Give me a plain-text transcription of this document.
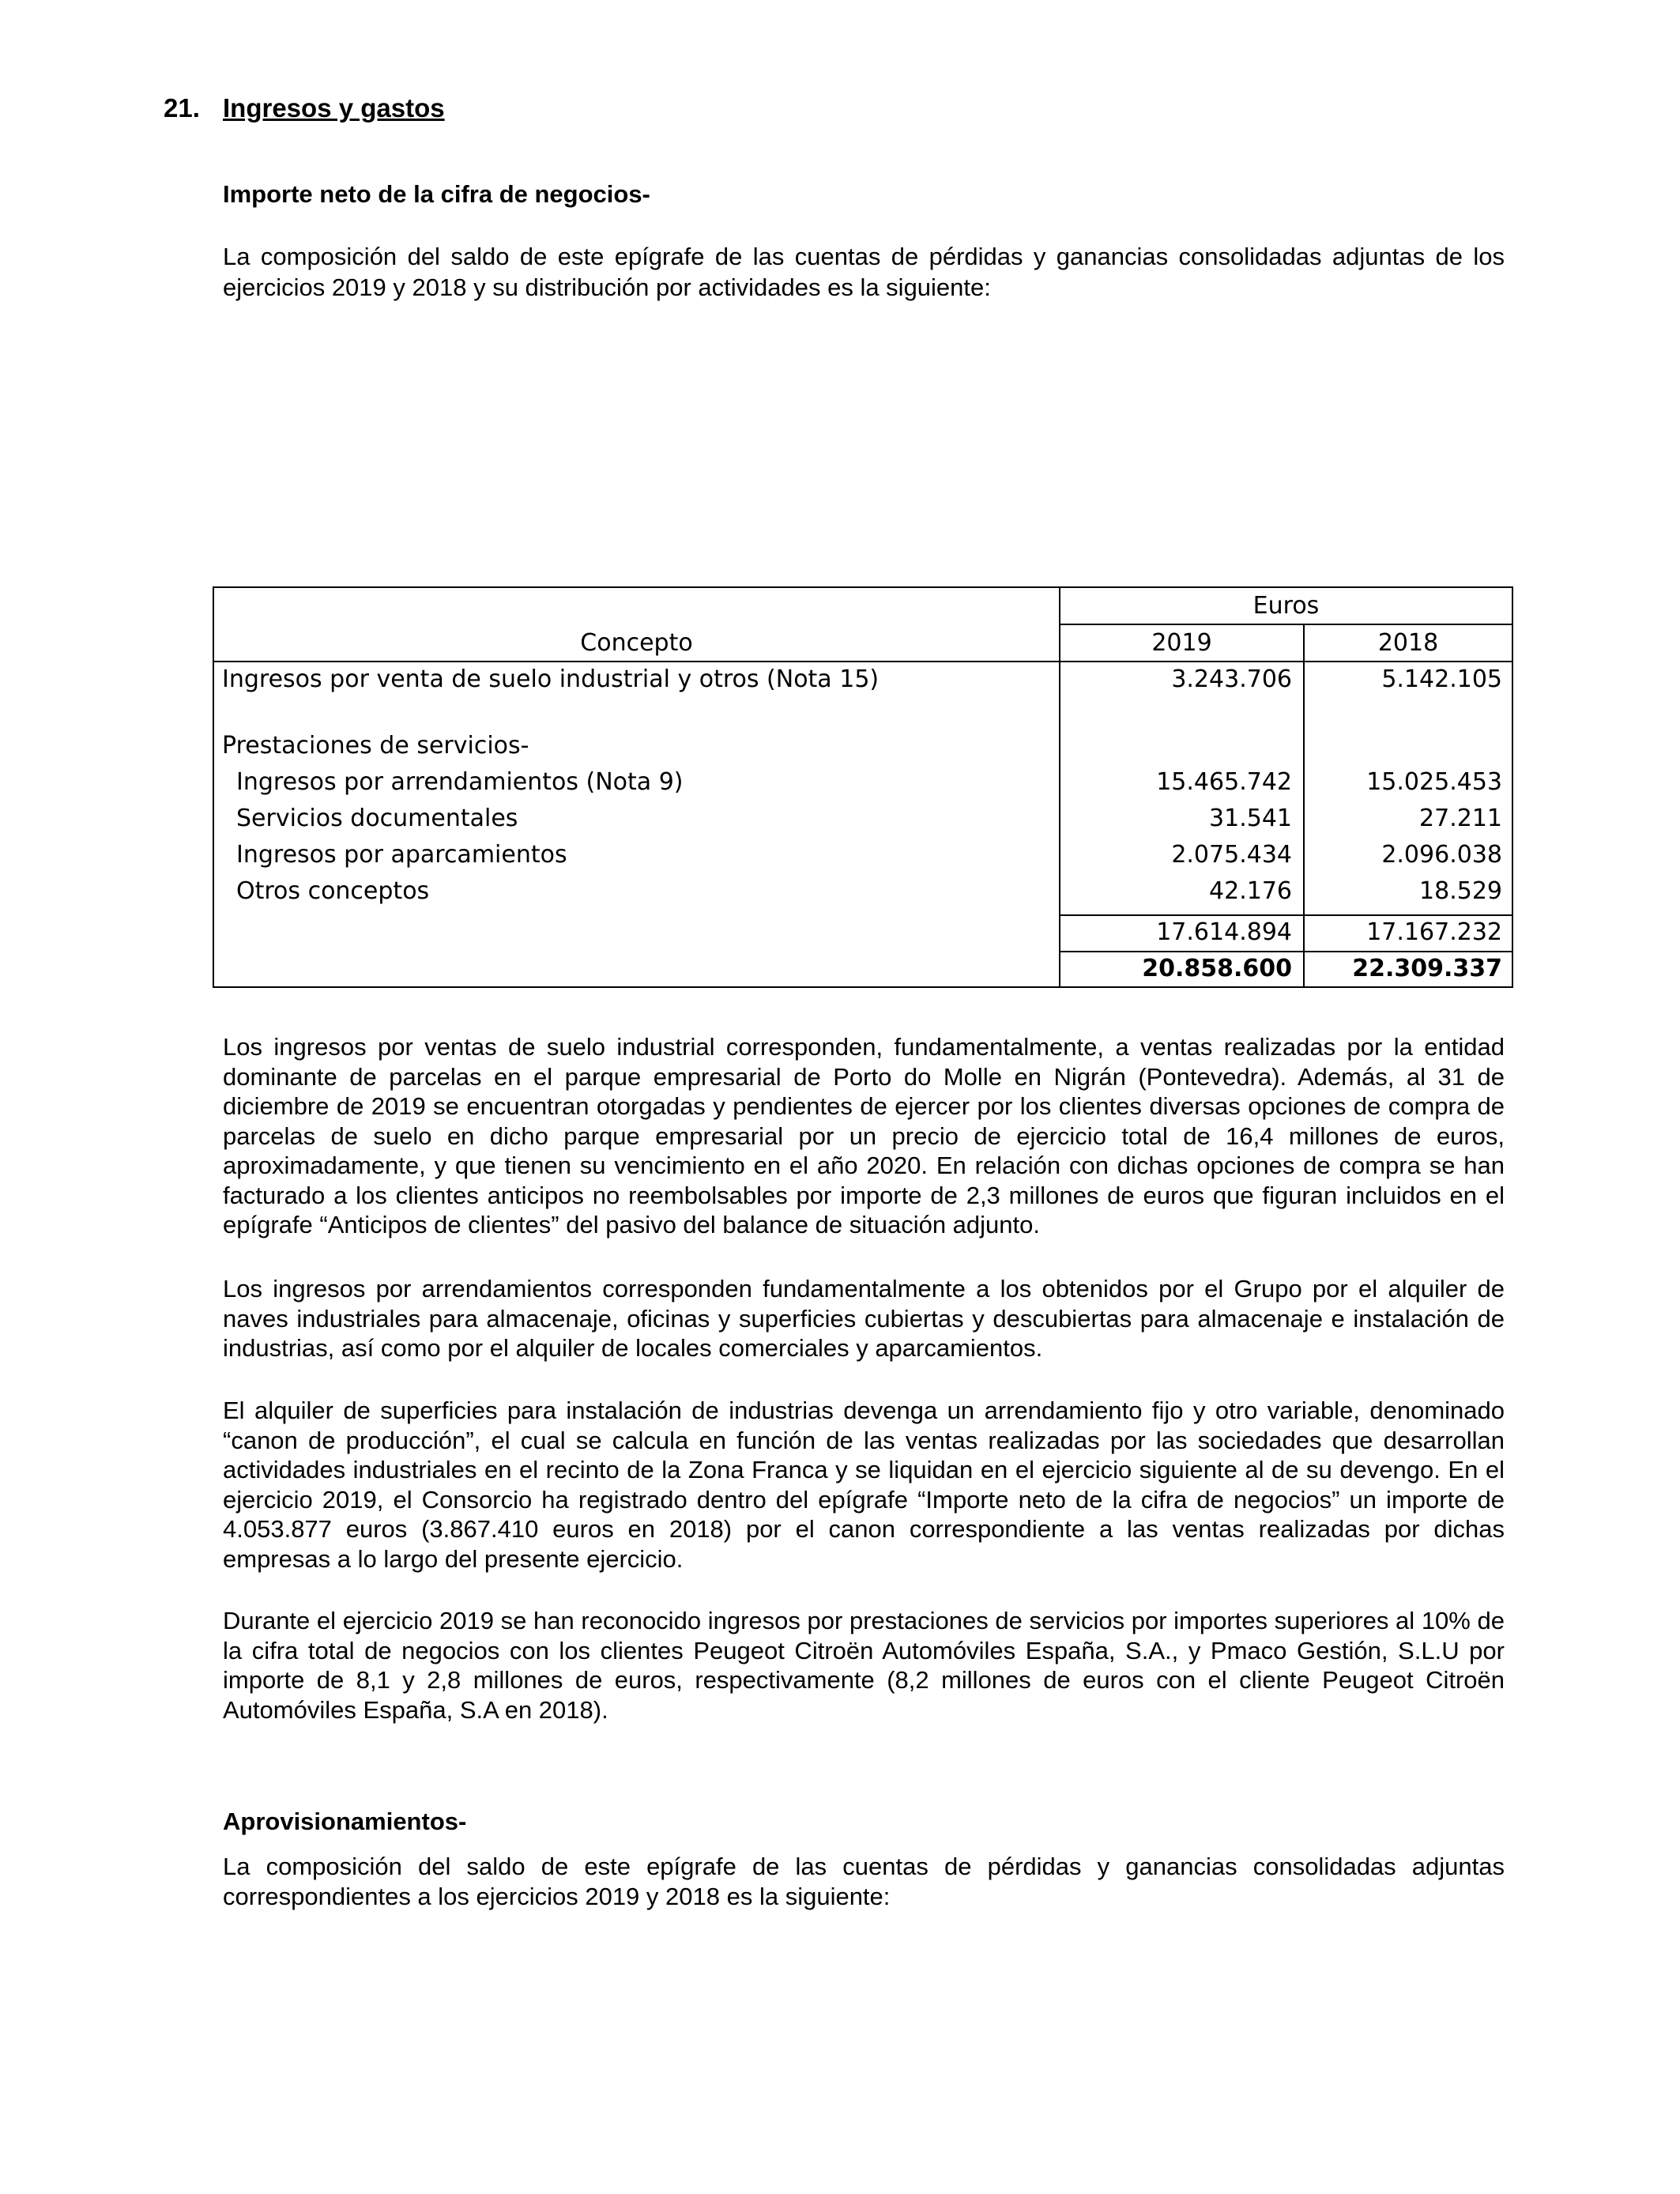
21. Ingresos y gastos
Importe neto de la cifra de negocios-
La composición del saldo de este epígrafe de las cuentas de pérdidas y ganancias consolidadas adjuntas de los ejercicios 2019 y 2018 y su distribución por actividades es la siguiente:
Euros
Concepto	2019	2018
Ingresos por venta de suelo industrial y otros (Nota 15)	3.243.706	5.142.105
Prestaciones de servicios-
Ingresos por arrendamientos (Nota 9)	15.465.742	15.025.453
Servicios documentales	31.541	27.211
Ingresos por aparcamientos	2.075.434	2.096.038
Otros conceptos	42.176	18.529
17.614.894	17.167.232
20.858.600	22.309.337
Los ingresos por ventas de suelo industrial corresponden, fundamentalmente, a ventas realizadas por la entidad dominante de parcelas en el parque empresarial de Porto do Molle en Nigrán (Pontevedra). Además, al 31 de diciembre de 2019 se encuentran otorgadas y pendientes de ejercer por los clientes diversas opciones de compra de parcelas de suelo en dicho parque empresarial por un precio de ejercicio total de 16,4 millones de euros, aproximadamente, y que tienen su vencimiento en el año 2020. En relación con dichas opciones de compra se han facturado a los clientes anticipos no reembolsables por importe de 2,3 millones de euros que figuran incluidos en el epígrafe “Anticipos de clientes” del pasivo del balance de situación adjunto.
Los ingresos por arrendamientos corresponden fundamentalmente a los obtenidos por el Grupo por el alquiler de naves industriales para almacenaje, oficinas y superficies cubiertas y descubiertas para almacenaje e instalación de industrias, así como por el alquiler de locales comerciales y aparcamientos.
El alquiler de superficies para instalación de industrias devenga un arrendamiento fijo y otro variable, denominado “canon de producción”, el cual se calcula en función de las ventas realizadas por las sociedades que desarrollan actividades industriales en el recinto de la Zona Franca y se liquidan en el ejercicio siguiente al de su devengo. En el ejercicio 2019, el Consorcio ha registrado dentro del epígrafe “Importe neto de la cifra de negocios” un importe de 4.053.877 euros (3.867.410 euros en 2018) por el canon correspondiente a las ventas realizadas por dichas empresas a lo largo del presente ejercicio.
Durante el ejercicio 2019 se han reconocido ingresos por prestaciones de servicios por importes superiores al 10% de la cifra total de negocios con los clientes Peugeot Citroën Automóviles España, S.A., y Pmaco Gestión, S.L.U por importe de 8,1 y 2,8 millones de euros, respectivamente (8,2 millones de euros con el cliente Peugeot Citroën Automóviles España, S.A en 2018).
Aprovisionamientos-
La composición del saldo de este epígrafe de las cuentas de pérdidas y ganancias consolidadas adjuntas correspondientes a los ejercicios 2019 y 2018 es la siguiente:
